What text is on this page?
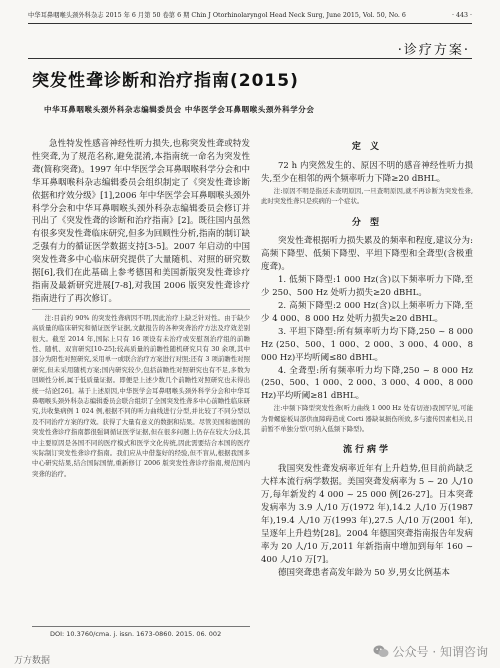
中华耳鼻咽喉头颈外科杂志 2015 年 6 月第 50 卷第 6 期 Chin J Otorhinolaryngol Head Neck Surg, June 2015, Vol. 50, No. 6	· 443 ·
·诊疗方案·
突发性聋诊断和治疗指南(2015)
中华耳鼻咽喉头颈外科杂志编辑委员会 中华医学会耳鼻咽喉头颈外科学分会

急性特发性感音神经性听力损失,也称突发性聋或特发性突聋,为了规范名称,避免混淆,本指南统一命名为突发性聋(简称突聋)。1997 年中华医学会耳鼻咽喉科学分会和中华耳鼻咽喉科杂志编辑委员会组织制定了《突发性聋诊断依据和疗效分级》[1],2006 年中华医学会耳鼻咽喉头颈外科学分会和中华耳鼻咽喉头颈外科杂志编辑委员会修订并刊出了《突发性聋的诊断和治疗指南》[2]。既往国内虽然有很多突发性聋临床研究,但多为回顾性分析,指南的制订缺乏强有力的循证医学数据支持[3-5]。2007 年启动的中国突发性聋多中心临床研究提供了大量随机、对照的研究数据[6],我们在此基础上参考德国和美国新版突发性聋诊疗指南及最新研究进展[7-8],对我国 2006 版突发性聋诊疗指南进行了再次修订。

注:目前约 90% 的突发性聋病因不明,因此治疗上缺乏针对性。由于缺少高质量的临床研究和循证医学证据,文献报告的各种突聋治疗方法及疗效差别很大。截至 2014 年,国际上只有 16 项设有未治疗或安慰剂治疗组的前瞻性、随机、双盲研究[10-25];较高质量的前瞻性随机研究只有 30 余项,其中部分为阳性对照研究,采用单一或联合治疗方案进行对照;还有 3 项前瞻性对照研究,但未采用随机方案;国内研究较少,包括前瞻性对照研究也有不足,多数为回顾性分析,属于低质量证据。即便是上述少数几个前瞻性对照研究也未得出统一结论[26]。基于上述原因,中华医学会耳鼻咽喉头颈外科学分会和中华耳鼻咽喉头颈外科杂志编辑委员会联合组织了全国突发性聋多中心前瞻性临床研究,共收集病例 1 024 例,根据不同的听力曲线进行分型,并比较了不同分型以及不同治疗方案的疗效。获得了大量有意义的数据和结果。尽管美国和德国的突发性聋诊疗指南都很强调循证医学证据,但在很多问题上仍存在较大分歧,其中主要原因是各国不同的医疗模式和医学文化传统,因此需要结合本国的医疗实际制订突发性聋诊疗指南。我们应从中借鉴好的经验,但不盲从,根据我国多中心研究结果,结合国际国情,重新修订 2006 版突发性聋诊疗指南,规范国内突聋的治疗。
定 义

72 h 内突然发生的、原因不明的感音神经性听力损失,至少在相邻的两个频率听力下降≥20 dBHL。

注:原因不明是指还未查明原因,一旦查明原因,就不再诊断为突发性聋,此时突发性聋只是疾病的一个症状。
分 型

突发性聋根据听力损失累及的频率和程度,建议分为:高频下降型、低频下降型、平坦下降型和全聋型(含极重度聋)。

1. 低频下降型:1 000 Hz(含)以下频率听力下降,至少 250、500 Hz 处听力损失≥20 dBHL。

2. 高频下降型:2 000 Hz(含)以上频率听力下降,至少 4 000、8 000 Hz 处听力损失≥20 dBHL。

3. 平坦下降型:所有频率听力均下降,250 ~ 8 000 Hz (250、500、1 000、2 000、3 000、4 000、8 000 Hz)平均听阈≤80 dBHL。

4. 全聋型:所有频率听力均下降,250 ~ 8 000 Hz (250、500、1 000、2 000、3 000、4 000、8 000 Hz)平均听阈≥81 dBHL。

注:中频下降型突发性聋(听力曲线 1 000 Hz 处有切迹)我国罕见,可能为骨螺旋板局部供血障碍造成 Corti 器缺氧损伤所致,多与遗传因素相关,目前暂不单独分型(可纳入低频下降型)。
流行病学

我国突发性聋发病率近年有上升趋势,但目前尚缺乏大样本流行病学数据。美国突聋发病率为 5 ~ 20 人/10 万,每年新发约 4 000 ~ 25 000 例[26-27]。日本突聋发病率为 3.9 人/10 万(1972 年),14.2 人/10 万(1987 年),19.4 人/10 万(1993 年),27.5 人/10 万(2001 年),呈逐年上升趋势[28]。2004 年德国突聋指南报告年发病率为 20 人/10 万,2011 年新指南中增加到每年 160 ~ 400 人/10 万[7]。

德国突聋患者高发年龄为 50 岁,男女比例基本

DOI: 10.3760/cma. j. issn. 1673-0860. 2015. 06. 002
万方数据
公众号 · 知谓咨询
